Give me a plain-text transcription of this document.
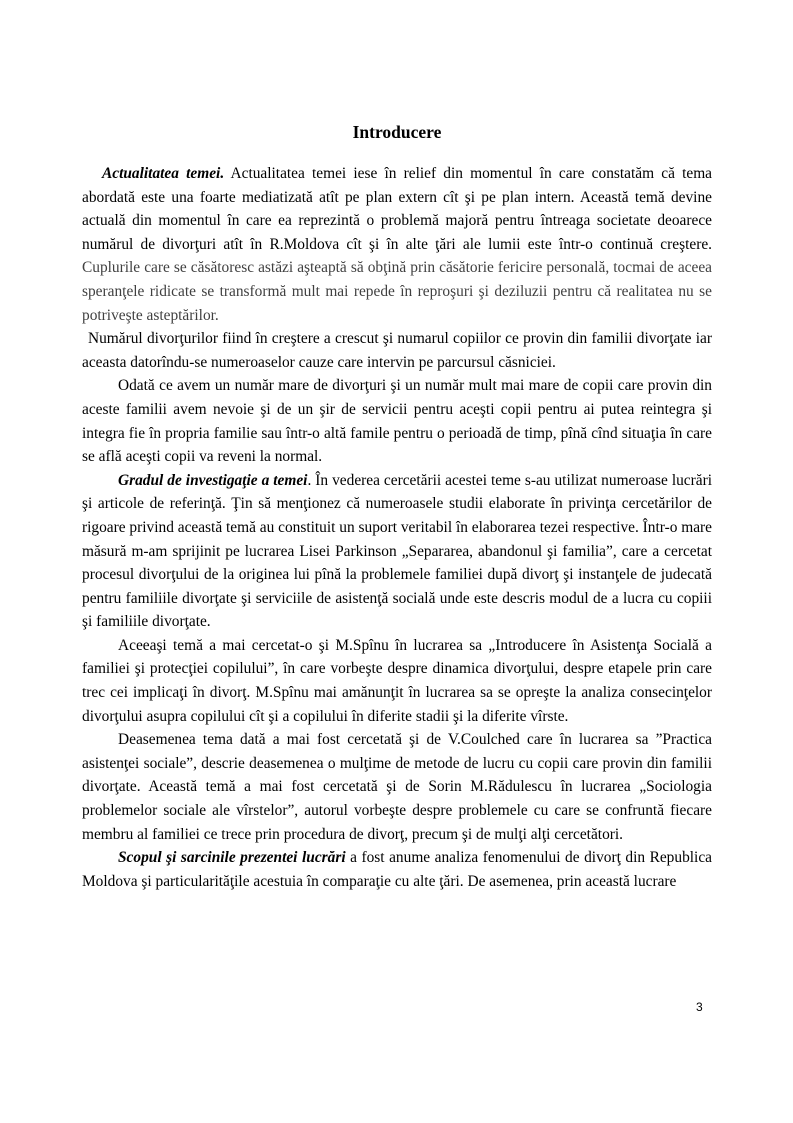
Introducere

Actualitatea temei. Actualitatea temei iese în relief din momentul în care constatăm că tema abordată este una foarte mediatizată atît pe plan extern cît şi pe plan intern. Această temă devine actuală din momentul în care ea reprezintă o problemă majoră pentru întreaga societate deoarece numărul de divorţuri atît în R.Moldova cît şi în alte ţări ale lumii este într-o continuă creştere. Cuplurile care se căsătoresc astăzi aşteaptă să obţină prin căsătorie fericire personală, tocmai de aceea speranţele ridicate se transformă mult mai repede în reproşuri şi deziluzii pentru că realitatea nu se potriveşte asteptărilor.

Numărul divorţurilor fiind în creştere a crescut şi numarul copiilor ce provin din familii divorţate iar aceasta datorîndu-se numeroaselor cauze care intervin pe parcursul căsniciei.

Odată ce avem un număr mare de divorţuri şi un număr mult mai mare de copii care provin din aceste familii avem nevoie şi de un şir de servicii pentru aceşti copii pentru ai putea reintegra şi integra fie în propria familie sau într-o altă famile pentru o perioadă de timp, pînă cînd situaţia în care se află aceşti copii va reveni la normal.

Gradul de investigaţie a temei. În vederea cercetării acestei teme s-au utilizat numeroase lucrări şi articole de referinţă. Ţin să menţionez că numeroasele studii elaborate în privinţa cercetărilor de rigoare privind această temă au constituit un suport veritabil în elaborarea tezei respective. Într-o mare măsură m-am sprijinit pe lucrarea Lisei Parkinson „Separarea, abandonul şi familia”, care a cercetat procesul divorţului de la originea lui pînă la problemele familiei după divorţ şi instanţele de judecată pentru familiile divorţate şi serviciile de asistenţă socială unde este descris modul de a lucra cu copiii şi familiile divorţate.

Aceeaşi temă a mai cercetat-o şi M.Spînu în lucrarea sa „Introducere în Asistenţa Socială a familiei şi protecţiei copilului”, în care vorbeşte despre dinamica divorţului, despre etapele prin care trec cei implicaţi în divorţ. M.Spînu mai amănunţit în lucrarea sa se opreşte la analiza consecinţelor divorţului asupra copilului cît şi a copilului în diferite stadii şi la diferite vîrste.

Deasemenea tema dată a mai fost cercetată şi de V.Coulched care în lucrarea sa ”Practica asistenţei sociale”, descrie deasemenea o mulţime de metode de lucru cu copii care provin din familii divorţate. Această temă a mai fost cercetată şi de Sorin M.Rădulescu în lucrarea „Sociologia problemelor sociale ale vîrstelor”, autorul vorbeşte despre problemele cu care se confruntă fiecare membru al familiei ce trece prin procedura de divorţ, precum şi de mulţi alţi cercetători.

Scopul şi sarcinile prezentei lucrări a fost anume analiza fenomenului de divorţ din Republica Moldova şi particularităţile acestuia în comparaţie cu alte ţări. De asemenea, prin această lucrare

3
